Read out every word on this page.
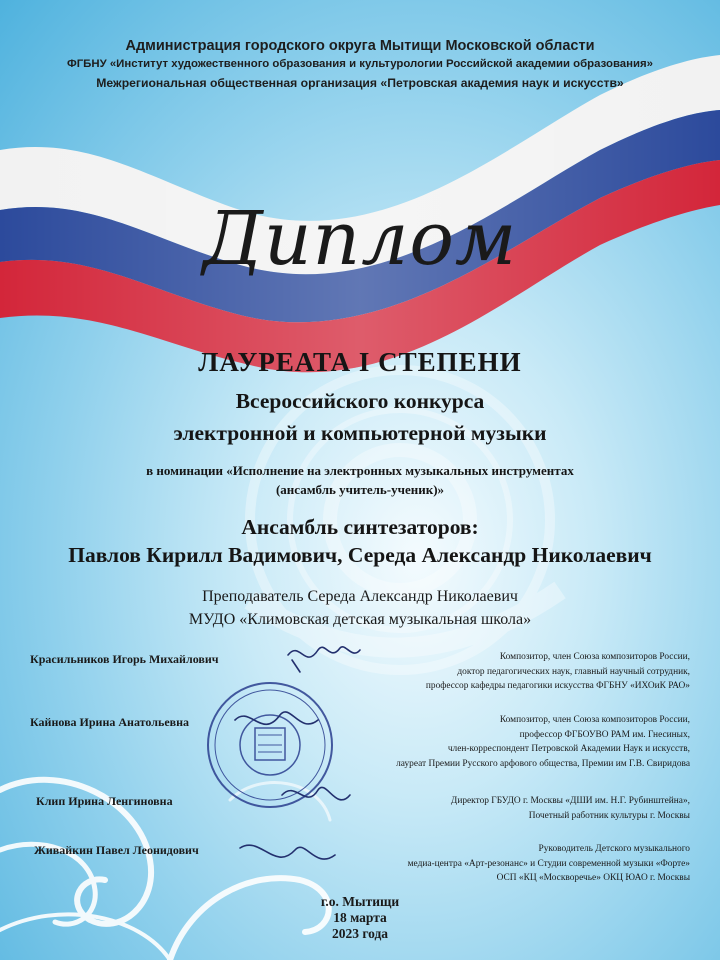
Администрация городского округа Мытищи Московской области
ФГБНУ «Институт художественного образования и культурологии Российской академии образования»
Межрегиональная общественная организация «Петровская академия наук и искусств»
Диплом
ЛАУРЕАТА I СТЕПЕНИ
Всероссийского конкурса
электронной и компьютерной музыки
в номинации «Исполнение на электронных музыкальных инструментах
(ансамбль учитель-ученик)»
Ансамбль синтезаторов:
Павлов Кирилл Вадимович, Середа Александр Николаевич
Преподаватель Середа Александр Николаевич
МУДО «Климовская детская музыкальная школа»
Красильников Игорь Михайлович	Композитор, член Союза композиторов России,
доктор педагогических наук, главный научный сотрудник,
профессор кафедры педагогики искусства ФГБНУ «ИХОиК РАО»
Кайнова Ирина Анатольевна	Композитор, член Союза композиторов России,
профессор ФГБОУВО РАМ им. Гнесиных,
член-корреспондент Петровской Академии Наук и искусств,
лауреат Премии Русского арфового общества, Премии им Г.В. Свиридова
Клип Ирина Ленгиновна	Директор ГБУДО г. Москвы «ДШИ им. Н.Г. Рубинштейна»,
Почетный работник культуры г. Москвы
Живайкин Павел Леонидович	Руководитель Детского музыкального
медиа-центра «Арт-резонанс» и Студии современной музыки «Форте»
ОСП «КЦ «Москворечье» ОКЦ ЮАО г. Москвы
г.о. Мытищи
18 марта
2023 года
